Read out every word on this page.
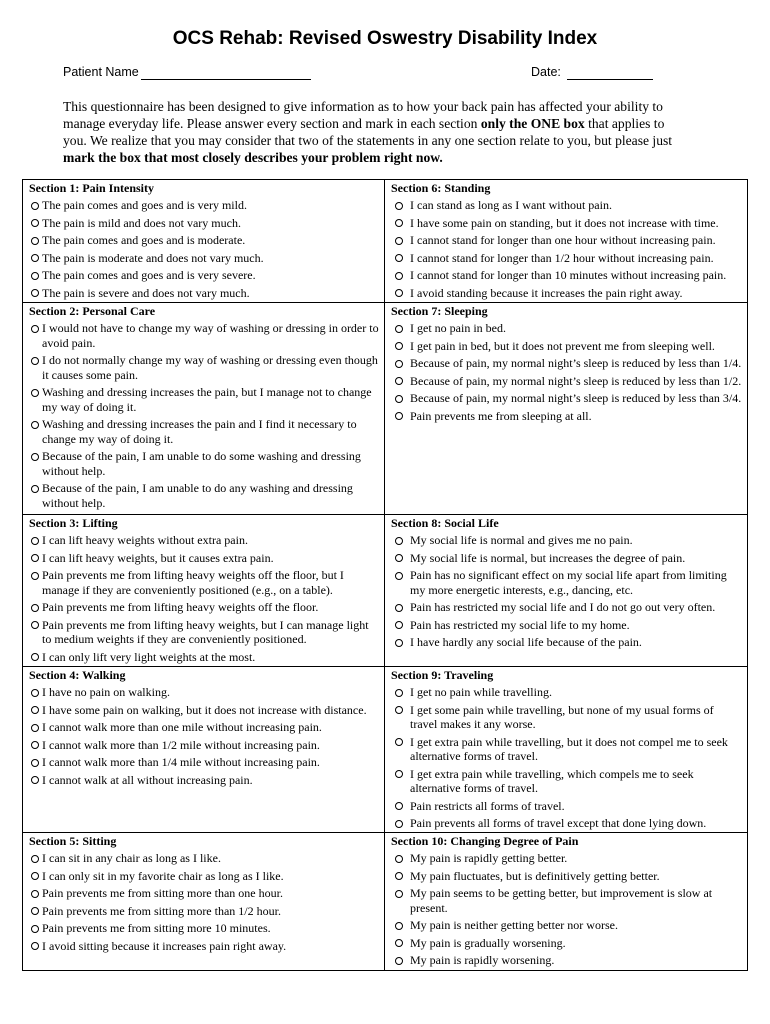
OCS Rehab: Revised Oswestry Disability Index
Patient Name	Date:
This questionnaire has been designed to give information as to how your back pain has affected your ability to manage everyday life. Please answer every section and mark in each section only the ONE box that applies to you. We realize that you may consider that two of the statements in any one section relate to you, but please just mark the box that most closely describes your problem right now.
Section 1: Pain Intensity
The pain comes and goes and is very mild.
The pain is mild and does not vary much.
The pain comes and goes and is moderate.
The pain is moderate and does not vary much.
The pain comes and goes and is very severe.
The pain is severe and does not vary much.
Section 6: Standing
I can stand as long as I want without pain.
I have some pain on standing, but it does not increase with time.
I cannot stand for longer than one hour without increasing pain.
I cannot stand for longer than 1/2 hour without increasing pain.
I cannot stand for longer than 10 minutes without increasing pain.
I avoid standing because it increases the pain right away.
Section 2: Personal Care
I would not have to change my way of washing or dressing in order to avoid pain.
I do not normally change my way of washing or dressing even though it causes some pain.
Washing and dressing increases the pain, but I manage not to change my way of doing it.
Washing and dressing increases the pain and I find it necessary to change my way of doing it.
Because of the pain, I am unable to do some washing and dressing without help.
Because of the pain, I am unable to do any washing and dressing without help.
Section 7: Sleeping
I get no pain in bed.
I get pain in bed, but it does not prevent me from sleeping well.
Because of pain, my normal night’s sleep is reduced by less than 1/4.
Because of pain, my normal night’s sleep is reduced by less than 1/2.
Because of pain, my normal night’s sleep is reduced by less than 3/4.
Pain prevents me from sleeping at all.
Section 3: Lifting
I can lift heavy weights without extra pain.
I can lift heavy weights, but it causes extra pain.
Pain prevents me from lifting heavy weights off the floor, but I manage if they are conveniently positioned (e.g., on a table).
Pain prevents me from lifting heavy weights off the floor.
Pain prevents me from lifting heavy weights, but I can manage light to medium weights if they are conveniently positioned.
I can only lift very light weights at the most.
Section 8: Social Life
My social life is normal and gives me no pain.
My social life is normal, but increases the degree of pain.
Pain has no significant effect on my social life apart from limiting my more energetic interests, e.g., dancing, etc.
Pain has restricted my social life and I do not go out very often.
Pain has restricted my social life to my home.
I have hardly any social life because of the pain.
Section 4: Walking
I have no pain on walking.
I have some pain on walking, but it does not increase with distance.
I cannot walk more than one mile without increasing pain.
I cannot walk more than 1/2 mile without increasing pain.
I cannot walk more than 1/4 mile without increasing pain.
I cannot walk at all without increasing pain.
Section 9: Traveling
I get no pain while travelling.
I get some pain while travelling, but none of my usual forms of travel makes it any worse.
I get extra pain while travelling, but it does not compel me to seek alternative forms of travel.
I get extra pain while travelling, which compels me to seek alternative forms of travel.
Pain restricts all forms of travel.
Pain prevents all forms of travel except that done lying down.
Section 5: Sitting
I can sit in any chair as long as I like.
I can only sit in my favorite chair as long as I like.
Pain prevents me from sitting more than one hour.
Pain prevents me from sitting more than 1/2 hour.
Pain prevents me from sitting more 10 minutes.
I avoid sitting because it increases pain right away.
Section 10: Changing Degree of Pain
My pain is rapidly getting better.
My pain fluctuates, but is definitively getting better.
My pain seems to be getting better, but improvement is slow at present.
My pain is neither getting better nor worse.
My pain is gradually worsening.
My pain is rapidly worsening.
